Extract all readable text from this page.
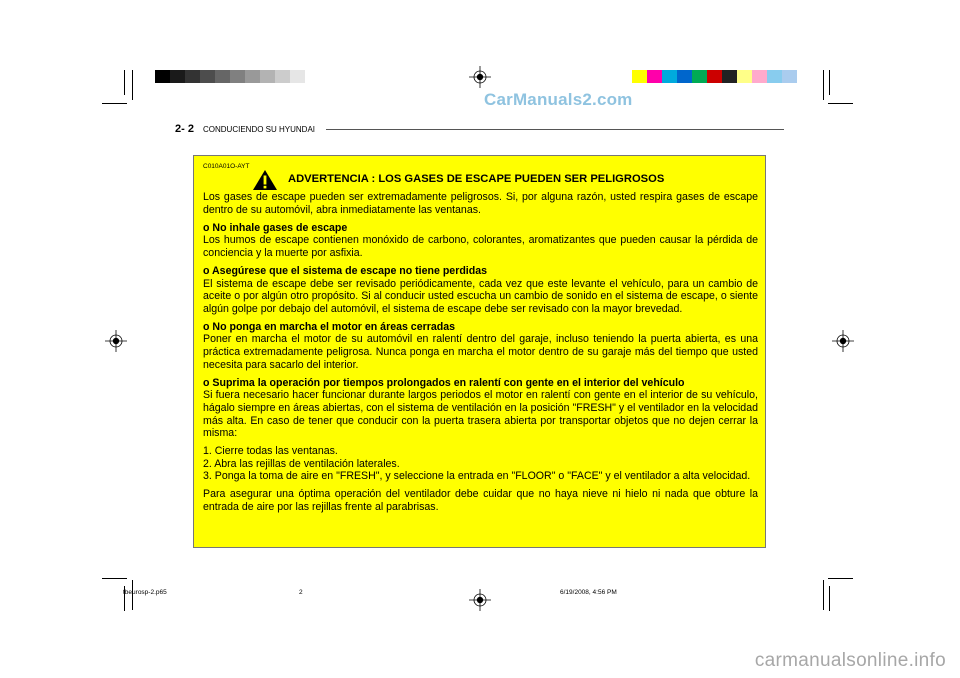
CarManuals2.com
2- 2 CONDUCIENDO SU HYUNDAI
C010A01O-AYT
ADVERTENCIA : LOS GASES DE ESCAPE PUEDEN SER PELIGROSOS

Los gases de escape pueden ser extremadamente peligrosos. Si, por alguna razón, usted respira gases de escape dentro de su automóvil, abra inmediatamente las ventanas.

o No inhale gases de escape
Los humos de escape contienen monóxido de carbono, colorantes, aromatizantes que pueden causar la pérdida de conciencia y la muerte por asfixia.

o Asegúrese que el sistema de escape no tiene perdidas
El sistema de escape debe ser revisado periódicamente, cada vez que este levante el vehículo, para un cambio de aceite o por algún otro propósito. Si al conducir usted escucha un cambio de sonido en el sistema de escape, o siente algún golpe por debajo del automóvil, el sistema de escape debe ser revisado con la mayor brevedad.

o No ponga en marcha el motor en áreas cerradas
Poner en marcha el motor de su automóvil en ralentí dentro del garaje, incluso teniendo la puerta abierta, es una práctica extremadamente peligrosa. Nunca ponga en marcha el motor dentro de su garaje más del tiempo que usted necesita para sacarlo del interior.

o Suprima la operación por tiempos prolongados en ralentí con gente en el interior del vehículo
Si fuera necesario hacer funcionar durante largos periodos el motor en ralentí con gente en el interior de su vehículo, hágalo siempre en áreas abiertas, con el sistema de ventilación en la posición "FRESH" y el ventilador en la velocidad más alta. En caso de tener que conducir con la puerta trasera abierta por transportar objetos que no dejen cerrar la misma:

1. Cierre todas las ventanas.
2. Abra las rejillas de ventilación laterales.
3. Ponga la toma de aire en "FRESH", y seleccione la entrada en "FLOOR" o "FACE" y el ventilador a alta velocidad.

Para asegurar una óptima operación del ventilador debe cuidar que no haya nieve ni hielo ni nada que obture la entrada de aire por las rejillas frente al parabrisas.

tbeurosp-2.p65	2	6/19/2008, 4:56 PM
carmanualsonline.info
